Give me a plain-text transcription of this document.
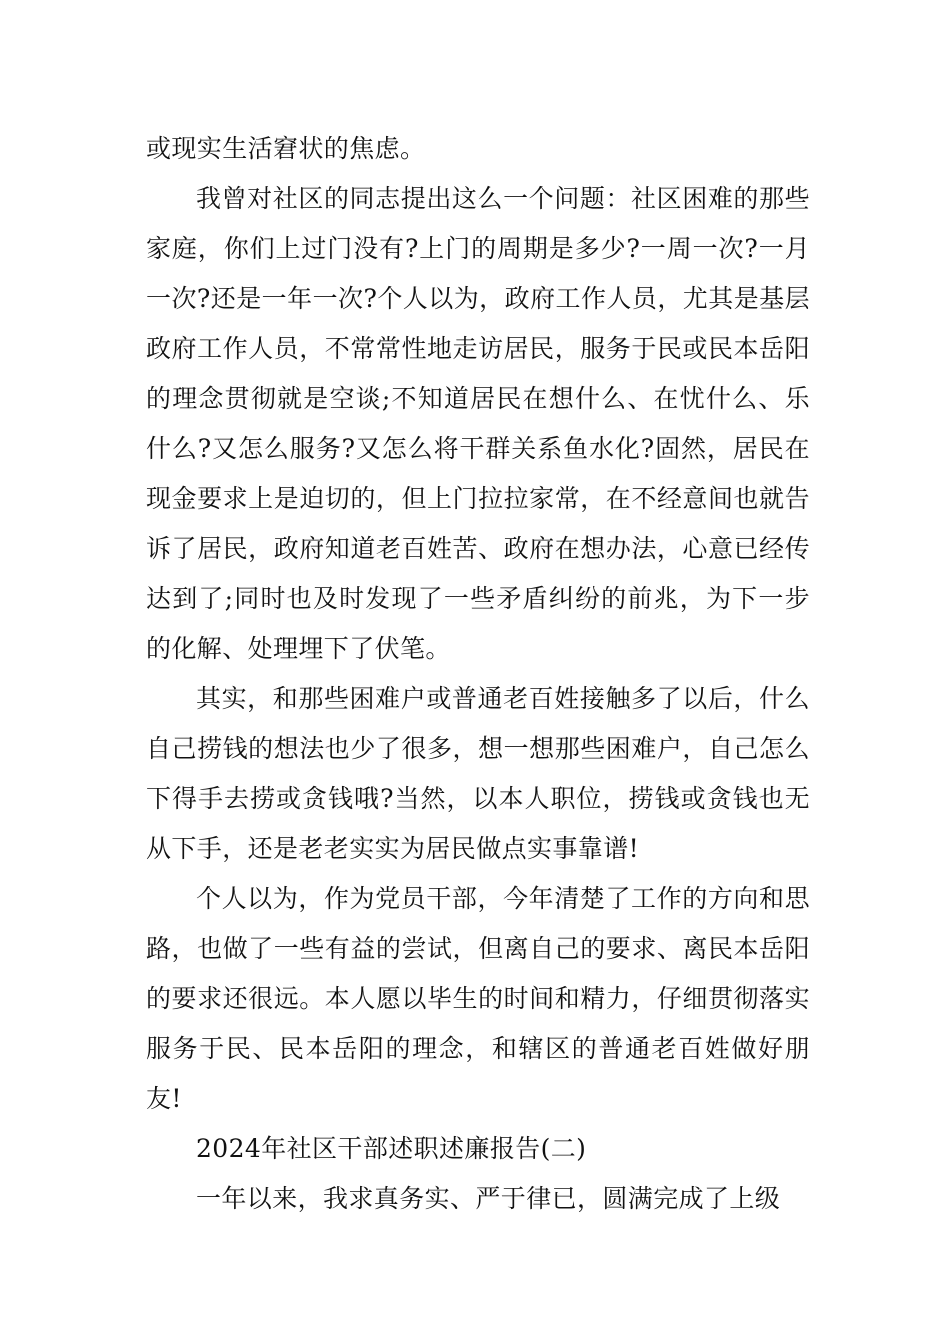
或现实生活窘状的焦虑。

我曾对社区的同志提出这么一个问题：社区困难的那些家庭，你们上过门没有?上门的周期是多少?一周一次?一月一次?还是一年一次?个人以为，政府工作人员，尤其是基层政府工作人员，不常常性地走访居民，服务于民或民本岳阳的理念贯彻就是空谈;不知道居民在想什么、在忧什么、乐什么?又怎么服务?又怎么将干群关系鱼水化?固然，居民在现金要求上是迫切的，但上门拉拉家常，在不经意间也就告诉了居民，政府知道老百姓苦、政府在想办法，心意已经传达到了;同时也及时发现了一些矛盾纠纷的前兆，为下一步的化解、处理埋下了伏笔。

其实，和那些困难户或普通老百姓接触多了以后，什么自己捞钱的想法也少了很多，想一想那些困难户，自己怎么下得手去捞或贪钱哦?当然，以本人职位，捞钱或贪钱也无从下手，还是老老实实为居民做点实事靠谱!

个人以为，作为党员干部，今年清楚了工作的方向和思路，也做了一些有益的尝试，但离自己的要求、离民本岳阳的要求还很远。本人愿以毕生的时间和精力，仔细贯彻落实服务于民、民本岳阳的理念，和辖区的普通老百姓做好朋友!

2024年社区干部述职述廉报告(二)

一年以来，我求真务实、严于律已，圆满完成了上级
